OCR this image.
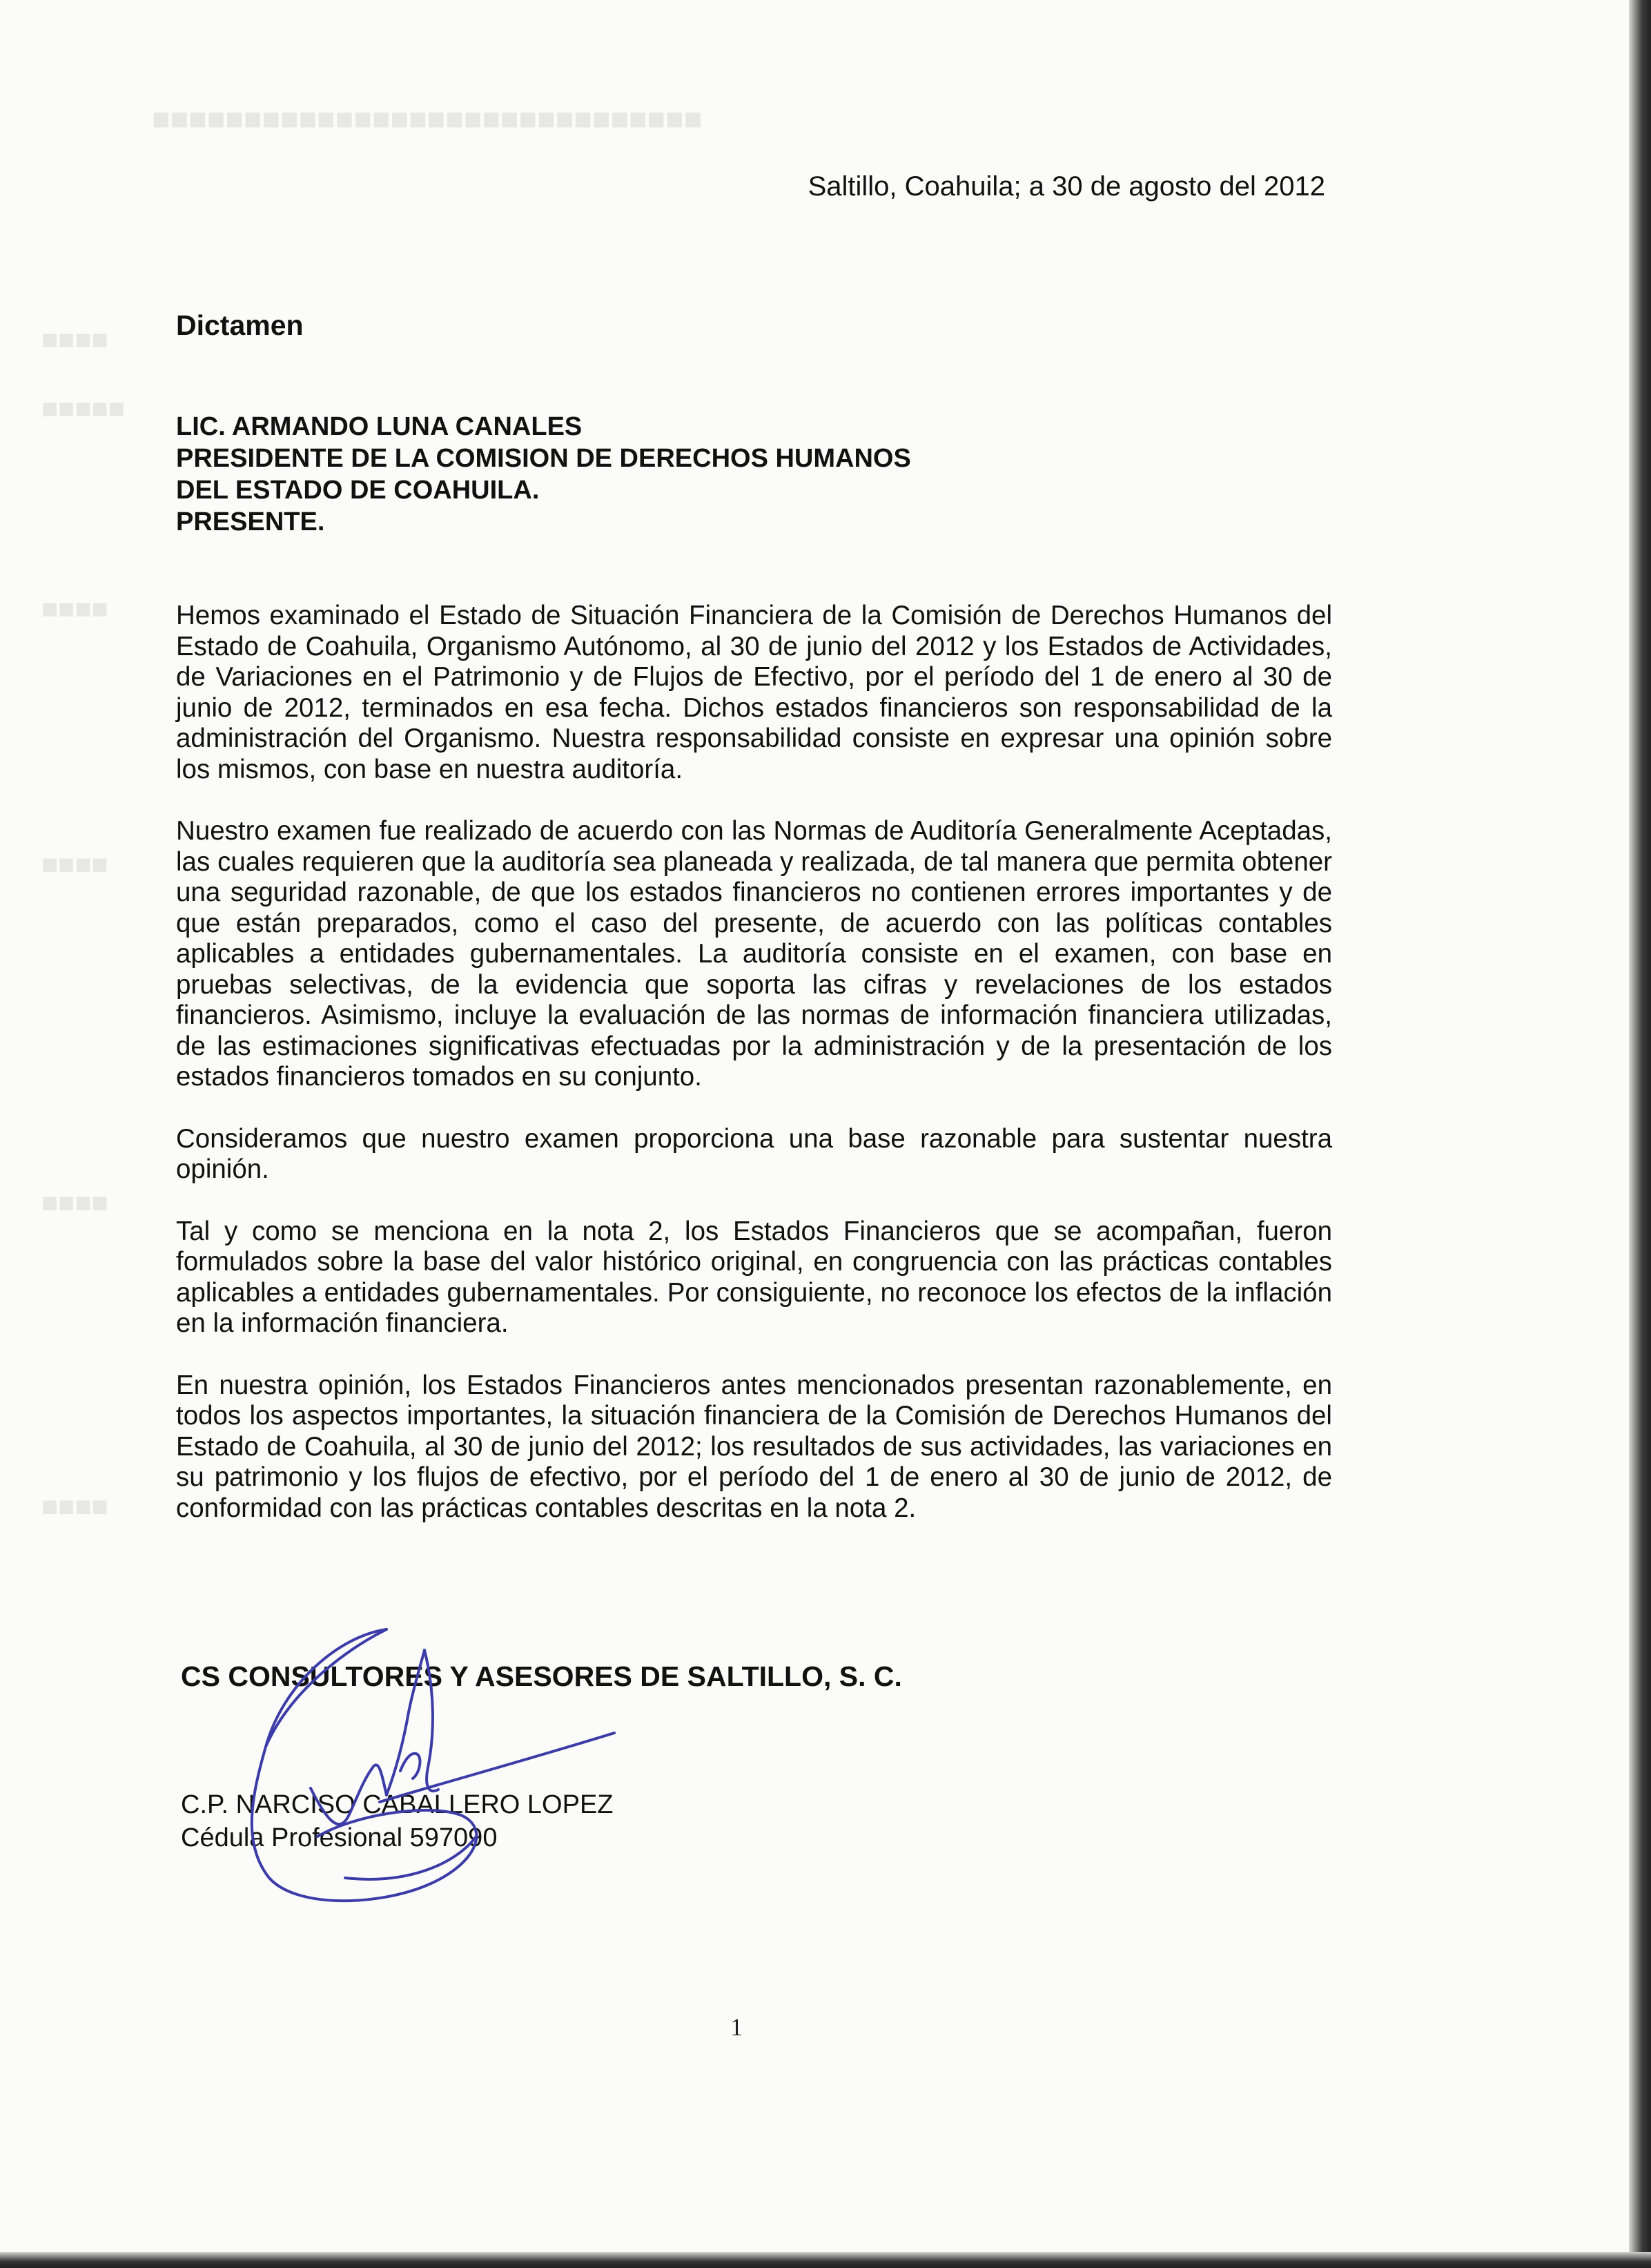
■■■■■■■■■■■■■■■■■■■■■■■■■■■■■■
■■■■
■■■■■
■■■■
■■■■
■■■■
■■■■
Saltillo, Coahuila; a 30 de agosto del 2012
Dictamen
LIC. ARMANDO LUNA CANALES
PRESIDENTE DE LA COMISION DE DERECHOS HUMANOS
DEL ESTADO DE COAHUILA.
PRESENTE.

Hemos examinado el Estado de Situación Financiera de la Comisión de Derechos Humanos del Estado de Coahuila, Organismo Autónomo, al 30 de junio del 2012 y los Estados de Actividades, de Variaciones en el Patrimonio y de Flujos de Efectivo, por el período del 1 de enero al 30 de junio de 2012, terminados en esa fecha. Dichos estados financieros son responsabilidad de la administración del Organismo. Nuestra responsabilidad consiste en expresar una opinión sobre los mismos, con base en nuestra auditoría.

Nuestro examen fue realizado de acuerdo con las Normas de Auditoría Generalmente Aceptadas, las cuales requieren que la auditoría sea planeada y realizada, de tal manera que permita obtener una seguridad razonable, de que los estados financieros no contienen errores importantes y de que están preparados, como el caso del presente, de acuerdo con las políticas contables aplicables a entidades gubernamentales. La auditoría consiste en el examen, con base en pruebas selectivas, de la evidencia que soporta las cifras y revelaciones de los estados financieros. Asimismo, incluye la evaluación de las normas de información financiera utilizadas, de las estimaciones significativas efectuadas por la administración y de la presentación de los estados financieros tomados en su conjunto.

Consideramos que nuestro examen proporciona una base razonable para sustentar nuestra opinión.

Tal y como se menciona en la nota 2, los Estados Financieros que se acompañan, fueron formulados sobre la base del valor histórico original, en congruencia con las prácticas contables aplicables a entidades gubernamentales. Por consiguiente, no reconoce los efectos de la inflación en la información financiera.

En nuestra opinión, los Estados Financieros antes mencionados presentan razonablemente, en todos los aspectos importantes, la situación financiera de la Comisión de Derechos Humanos del Estado de Coahuila, al 30 de junio del 2012; los resultados de sus actividades, las variaciones en su patrimonio y los flujos de efectivo, por el período del 1 de enero al 30 de junio de 2012, de conformidad con las prácticas contables descritas en la nota 2.

CS CONSULTORES Y ASESORES DE SALTILLO, S. C.
C.P. NARCISO CABALLERO LOPEZ
Cédula Profesional 597090
1
